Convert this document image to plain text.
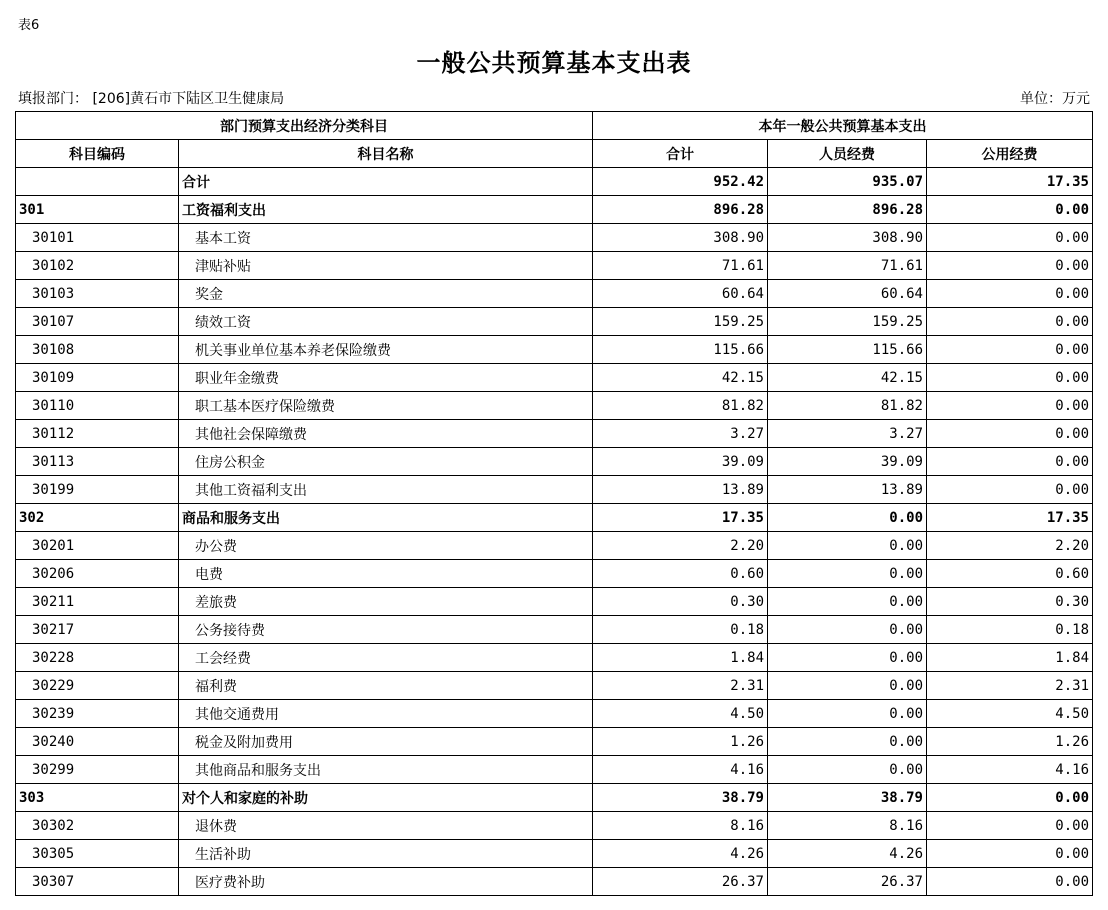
表6
一般公共预算基本支出表
填报部门： [206]黄石市下陆区卫生健康局	单位：万元
部门预算支出经济分类科目		本年一般公共预算基本支出		
科目编码	科目名称	合计	人员经费	公用经费
	合计	952.42	935.07	17.35
301	工资福利支出	896.28	896.28	0.00
30101	基本工资	308.90	308.90	0.00
30102	津贴补贴	71.61	71.61	0.00
30103	奖金	60.64	60.64	0.00
30107	绩效工资	159.25	159.25	0.00
30108	机关事业单位基本养老保险缴费	115.66	115.66	0.00
30109	职业年金缴费	42.15	42.15	0.00
30110	职工基本医疗保险缴费	81.82	81.82	0.00
30112	其他社会保障缴费	3.27	3.27	0.00
30113	住房公积金	39.09	39.09	0.00
30199	其他工资福利支出	13.89	13.89	0.00
302	商品和服务支出	17.35	0.00	17.35
30201	办公费	2.20	0.00	2.20
30206	电费	0.60	0.00	0.60
30211	差旅费	0.30	0.00	0.30
30217	公务接待费	0.18	0.00	0.18
30228	工会经费	1.84	0.00	1.84
30229	福利费	2.31	0.00	2.31
30239	其他交通费用	4.50	0.00	4.50
30240	税金及附加费用	1.26	0.00	1.26
30299	其他商品和服务支出	4.16	0.00	4.16
303	对个人和家庭的补助	38.79	38.79	0.00
30302	退休费	8.16	8.16	0.00
30305	生活补助	4.26	4.26	0.00
30307	医疗费补助	26.37	26.37	0.00
